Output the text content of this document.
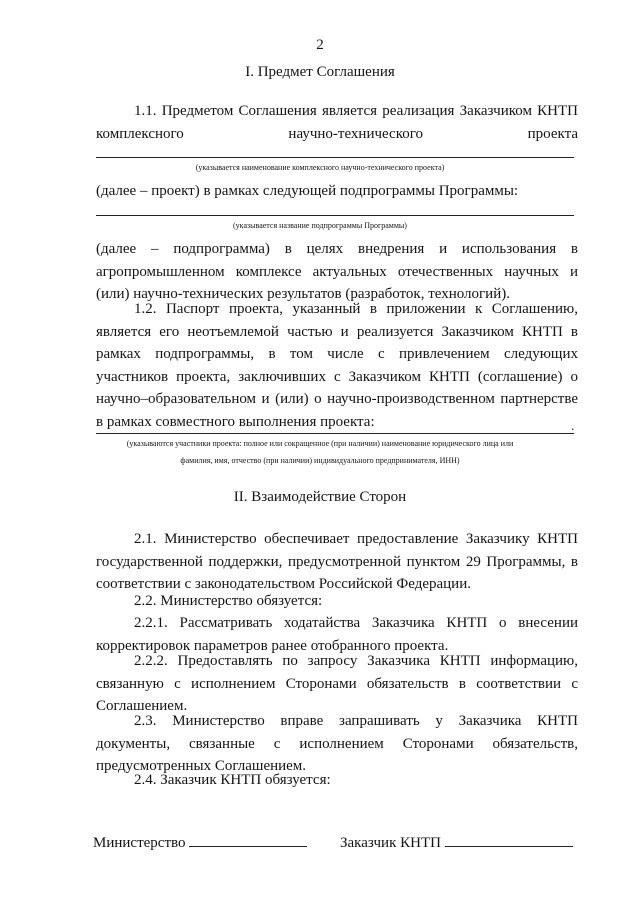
2
I. Предмет Соглашения
1.1. Предметом Соглашения является реализация Заказчиком КНТП комплексного научно-технического проекта
(указывается наименование комплексного научно-технического проекта)
(далее – проект) в рамках следующей подпрограммы Программы:
(указывается название подпрограммы Программы)
(далее – подпрограмма) в целях внедрения и использования в агропромышленном комплексе актуальных отечественных научных и (или) научно-технических результатов (разработок, технологий).
1.2. Паспорт проекта, указанный в приложении к Соглашению, является его неотъемлемой частью и реализуется Заказчиком КНТП в рамках подпрограммы, в том числе с привлечением следующих участников проекта, заключивших с Заказчиком КНТП (соглашение) о научно–образовательном и (или) о научно-производственном партнерстве в рамках совместного выполнения проекта:	.
(указываются участники проекта: полное или сокращенное (при наличии) наименование юридического лица или
фамилия, имя, отчество (при наличии) индивидуального предпринимателя, ИНН)
II. Взаимодействие Сторон
2.1. Министерство обеспечивает предоставление Заказчику КНТП государственной поддержки, предусмотренной пунктом 29 Программы, в соответствии с законодательством Российской Федерации.
2.2. Министерство обязуется:
2.2.1. Рассматривать ходатайства Заказчика КНТП о внесении корректировок параметров ранее отобранного проекта.
2.2.2. Предоставлять по запросу Заказчика КНТП информацию, связанную с исполнением Сторонами обязательств в соответствии с Соглашением.
2.3. Министерство вправе запрашивать у Заказчика КНТП документы, связанные с исполнением Сторонами обязательств, предусмотренных Соглашением.
2.4. Заказчик КНТП обязуется:
Министерство	Заказчик КНТП
